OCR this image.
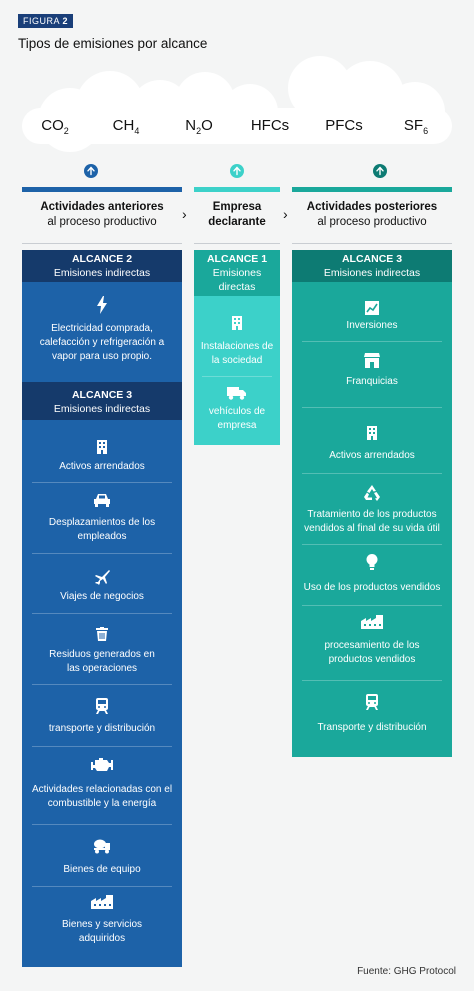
FIGURA 2
Tipos de emisiones por alcance
$CO_2$	$CH_4$	$N_2O$	HFCs PFCs	$SF_6$
Actividades anteriores
al proceso productivo	›	Empresa
declarante	›	Actividades posteriores
al proceso productivo
ALCANCE 2
Emisiones indirectas
Electricidad comprada, calefacción y refrigeración a vapor para uso propio.
ALCANCE 3
Emisiones indirectas
Activos arrendados
Desplazamientos de los empleados
Viajes de negocios
Residuos generados en las operaciones
transporte y distribución
Actividades relacionadas con el combustible y la energía
Bienes de equipo
Bienes y servicios adquiridos
ALCANCE 1
Emisiones directas
Instalaciones de la sociedad
vehículos de empresa
ALCANCE 3
Emisiones indirectas
Inversiones
Franquicias
Activos arrendados
Tratamiento de los productos vendidos al final de su vida útil
Uso de los productos vendidos
procesamiento de los productos vendidos
Transporte y distribución
Fuente: GHG Protocol
